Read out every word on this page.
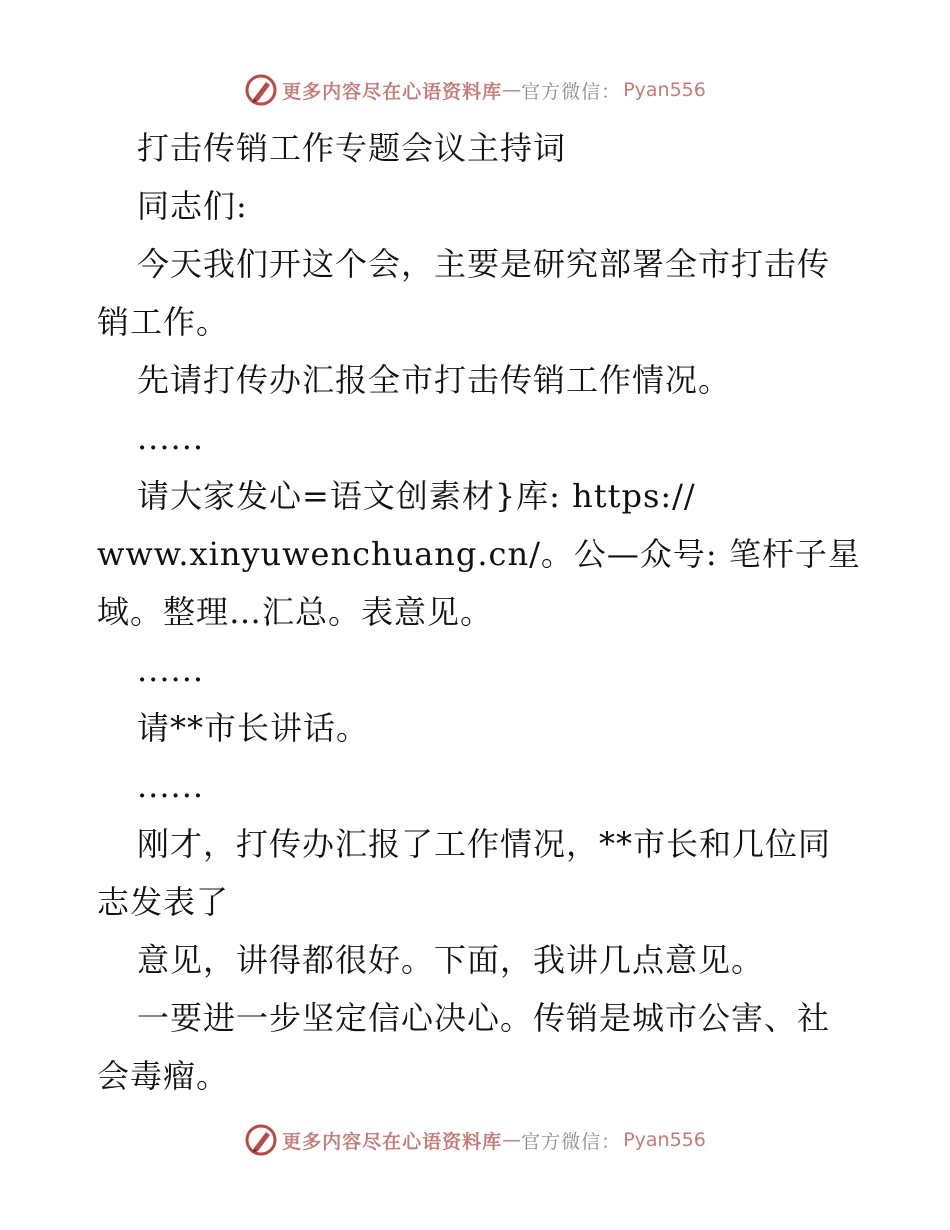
更多内容尽在心语资料库 — 官方微信： Pyan556
打击传销工作专题会议主持词
同志们:
今天我们开这个会，主要是研究部署全市打击传
销工作。
先请打传办汇报全市打击传销工作情况。
......
请大家发心=语文创素材}库: https://
www.xinyuwenchuang.cn/。公—众号: 笔杆子星
域。整理…汇总。表意见。
......
请**市长讲话。
......
刚才，打传办汇报了工作情况，**市长和几位同
志发表了
意见，讲得都很好。下面，我讲几点意见。
一要进一步坚定信心决心。传销是城市公害、社
会毒瘤。
更多内容尽在心语资料库 — 官方微信： Pyan556
